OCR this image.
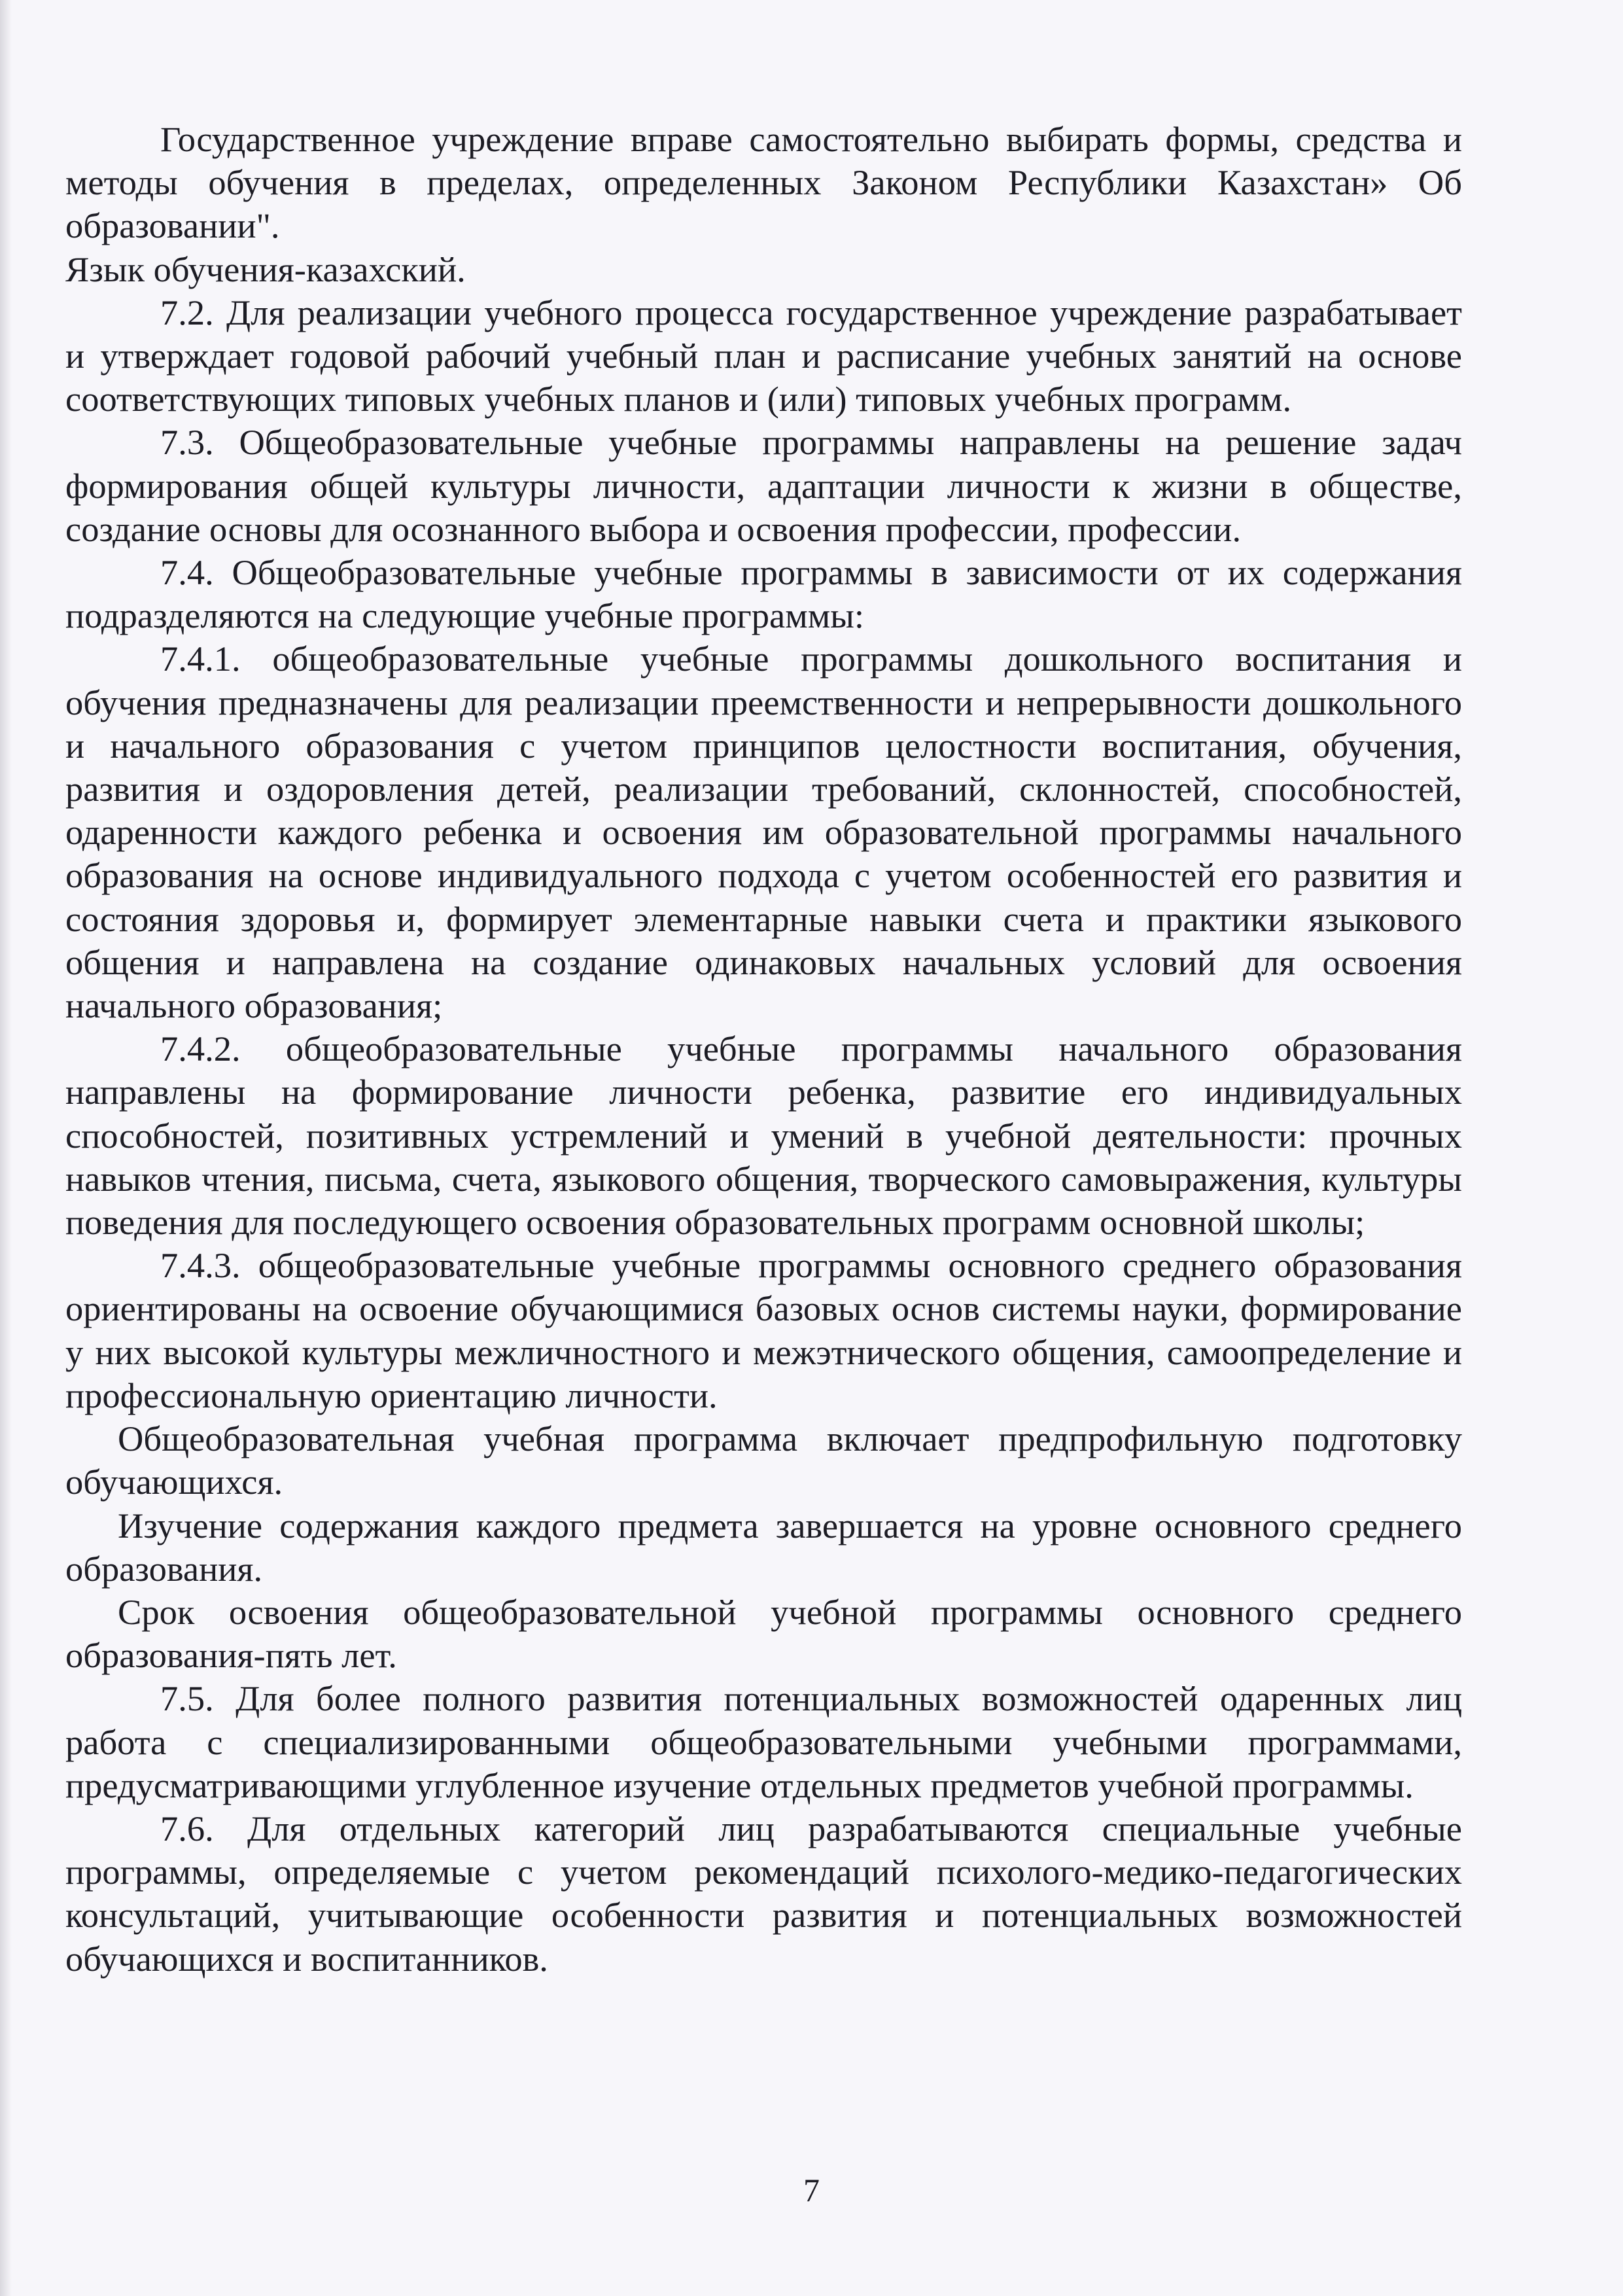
Государственное учреждение вправе самостоятельно выбирать формы, средства и методы обучения в пределах, определенных Законом Республики Казахстан» Об образовании".

Язык обучения-казахский.

7.2. Для реализации учебного процесса государственное учреждение разрабатывает и утверждает годовой рабочий учебный план и расписание учебных занятий на основе соответствующих типовых учебных планов и (или) типовых учебных программ.

7.3. Общеобразовательные учебные программы направлены на решение задач формирования общей культуры личности, адаптации личности к жизни в обществе, создание основы для осознанного выбора и освоения профессии, профессии.

7.4. Общеобразовательные учебные программы в зависимости от их содержания подразделяются на следующие учебные программы:

7.4.1. общеобразовательные учебные программы дошкольного воспитания и обучения предназначены для реализации преемственности и непрерывности дошкольного и начального образования с учетом принципов целостности воспитания, обучения, развития и оздоровления детей, реализации требований, склонностей, способностей, одаренности каждого ребенка и освоения им образовательной программы начального образования на основе индивидуального подхода с учетом особенностей его развития и состояния здоровья и, формирует элементарные навыки счета и практики языкового общения и направлена на создание одинаковых начальных условий для освоения начального образования;

7.4.2. общеобразовательные учебные программы начального образования направлены на формирование личности ребенка, развитие его индивидуальных способностей, позитивных устремлений и умений в учебной деятельности: прочных навыков чтения, письма, счета, языкового общения, творческого самовыражения, культуры поведения для последующего освоения образовательных программ основной школы;

7.4.3. общеобразовательные учебные программы основного среднего образования ориентированы на освоение обучающимися базовых основ системы науки, формирование у них высокой культуры межличностного и межэтнического общения, самоопределение и профессиональную ориентацию личности.

Общеобразовательная учебная программа включает предпрофильную подготовку обучающихся.

Изучение содержания каждого предмета завершается на уровне основного среднего образования.

Срок освоения общеобразовательной учебной программы основного среднего образования-пять лет.

7.5. Для более полного развития потенциальных возможностей одаренных лиц работа с специализированными общеобразовательными учебными программами, предусматривающими углубленное изучение отдельных предметов учебной программы.

7.6. Для отдельных категорий лиц разрабатываются специальные учебные программы, определяемые с учетом рекомендаций психолого-медико-педагогических консультаций, учитывающие особенности развития и потенциальных возможностей обучающихся и воспитанников.

7
